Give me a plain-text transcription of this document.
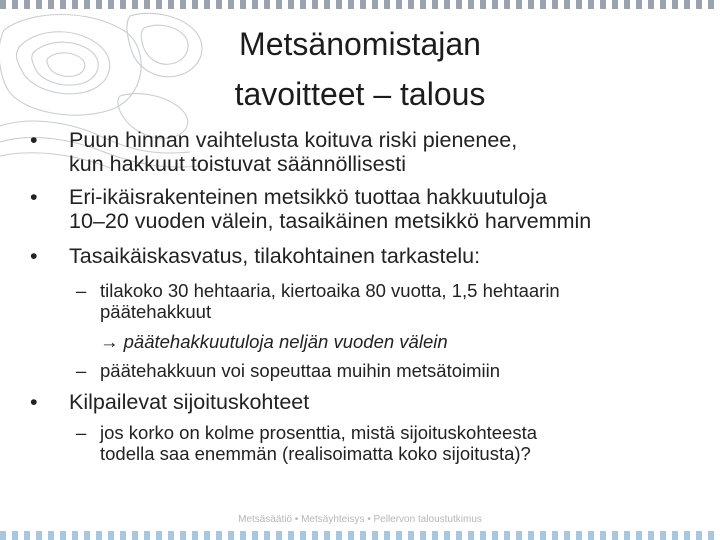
Metsänomistajan
tavoitteet – talous
• Puun hinnan vaihtelusta koituva riski pienenee,
kun hakkuut toistuvat säännöllisesti
• Eri-ikäisrakenteinen metsikkö tuottaa hakkuutuloja
10–20 vuoden välein, tasaikäinen metsikkö harvemmin
• Tasaikäiskasvatus, tilakohtainen tarkastelu:
– tilakoko 30 hehtaaria, kiertoaika 80 vuotta, 1,5 hehtaarin
päätehakkuut
→ päätehakkuutuloja neljän vuoden välein
– päätehakkuun voi sopeuttaa muihin metsätoimiin
• Kilpailevat sijoituskohteet
– jos korko on kolme prosenttia, mistä sijoituskohteesta
todella saa enemmän (realisoimatta koko sijoitusta)?
Metsäsäätiö • Metsäyhteisys • Pellervon taloustutkimus
